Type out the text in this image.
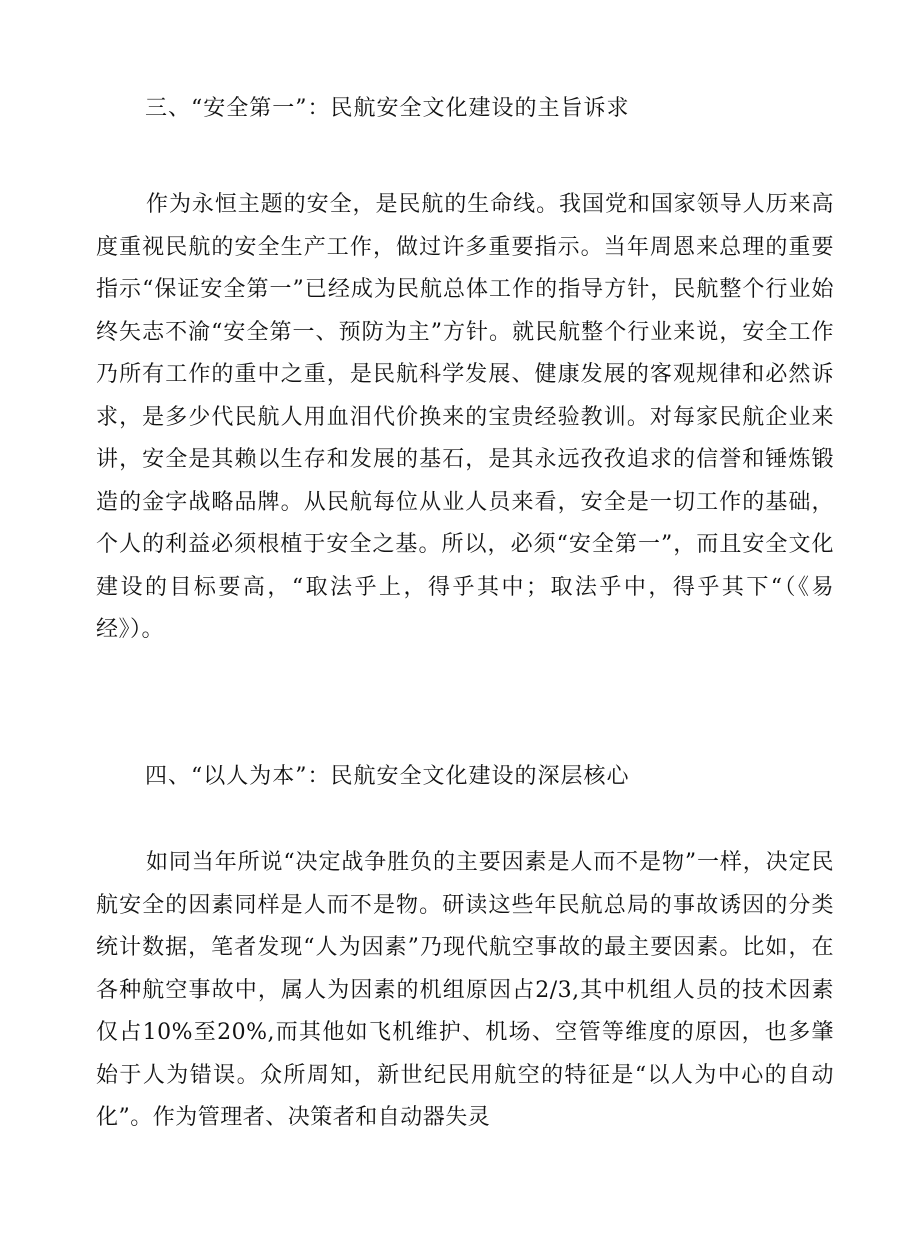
三、“安全第一”：民航安全文化建设的主旨诉求
作为永恒主题的安全，是民航的生命线。我国党和国家领导人历来高度重视民航的安全生产工作，做过许多重要指示。当年周恩来总理的重要指示“保证安全第一”已经成为民航总体工作的指导方针，民航整个行业始终矢志不渝“安全第一、预防为主”方针。就民航整个行业来说，安全工作乃所有工作的重中之重，是民航科学发展、健康发展的客观规律和必然诉求，是多少代民航人用血泪代价换来的宝贵经验教训。对每家民航企业来讲，安全是其赖以生存和发展的基石，是其永远孜孜追求的信誉和锤炼锻造的金字战略品牌。从民航每位从业人员来看，安全是一切工作的基础，个人的利益必须根植于安全之基。所以，必须“安全第一”，而且安全文化建设的目标要高，“取法乎上，得乎其中；取法乎中，得乎其下“（《易经》）。
四、“以人为本”：民航安全文化建设的深层核心
如同当年所说“决定战争胜负的主要因素是人而不是物”一样，决定民航安全的因素同样是人而不是物。研读这些年民航总局的事故诱因的分类统计数据，笔者发现“人为因素”乃现代航空事故的最主要因素。比如，在各种航空事故中，属人为因素的机组原因占2/3,其中机组人员的技术因素仅占10%至20%,而其他如飞机维护、机场、空管等维度的原因，也多肇始于人为错误。众所周知，新世纪民用航空的特征是“以人为中心的自动化”。作为管理者、决策者和自动器失灵
